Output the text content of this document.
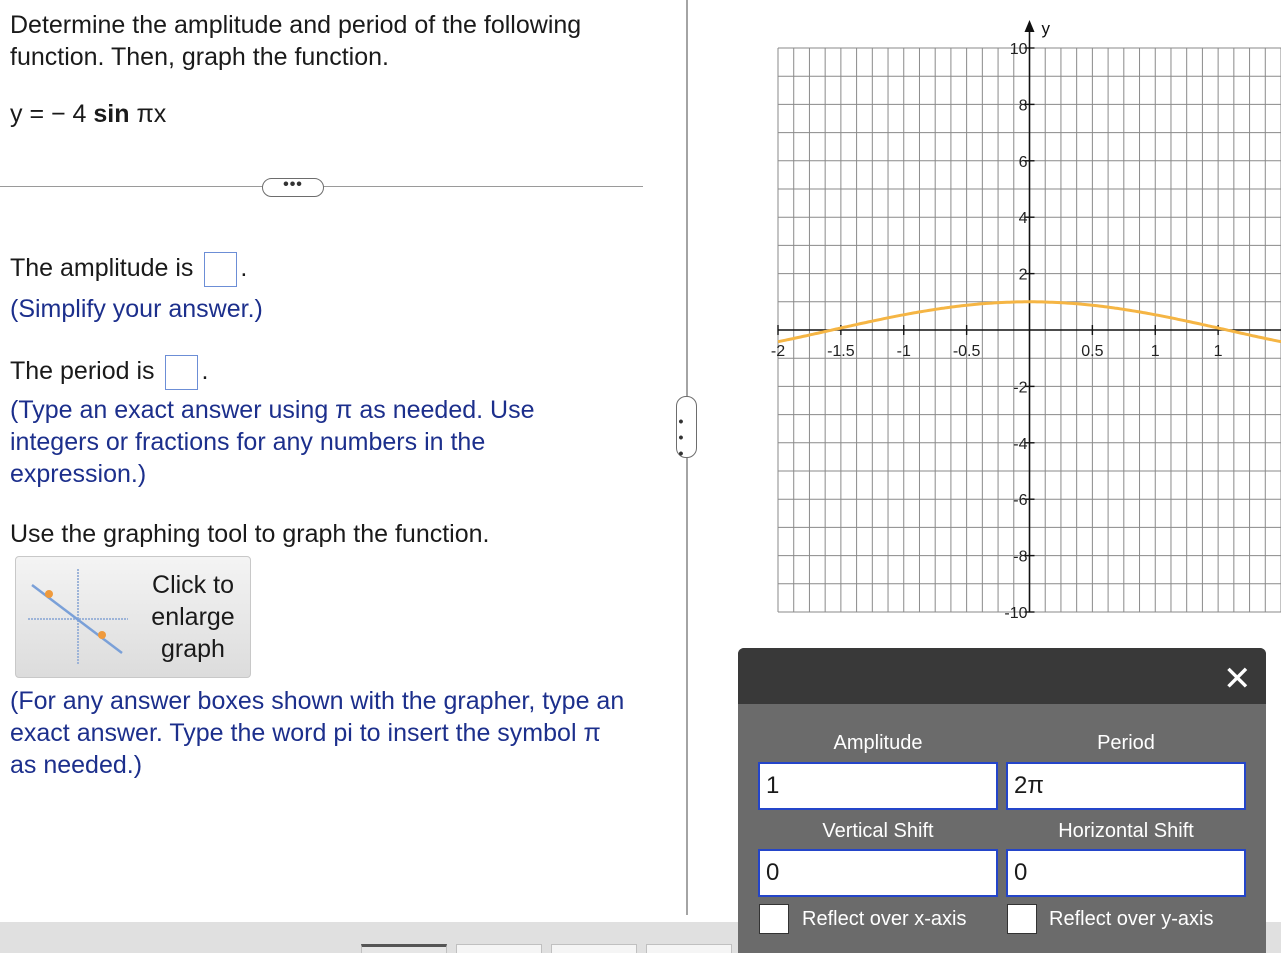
Determine the amplitude and period of the following function. Then, graph the function.
y = − 4 sin πx
•••
The amplitude is .
(Simplify your answer.)
The period is .
(Type an exact answer using π as needed. Use integers or fractions for any numbers in the expression.)
Use the graphing tool to graph the function.
Click to
enlarge
graph
(For any answer boxes shown with the grapher, type an exact answer. Type the word pi to insert the symbol π as needed.)
•••
y
-2	-1.5	-1	-0.5	0.5	1	1
10
8
6
4
2
-2
-4
-6
-8
-10
✕
Amplitude	Period
1	2π
Vertical Shift	Horizontal Shift
0	0
Reflect over x-axis	Reflect over y-axis
